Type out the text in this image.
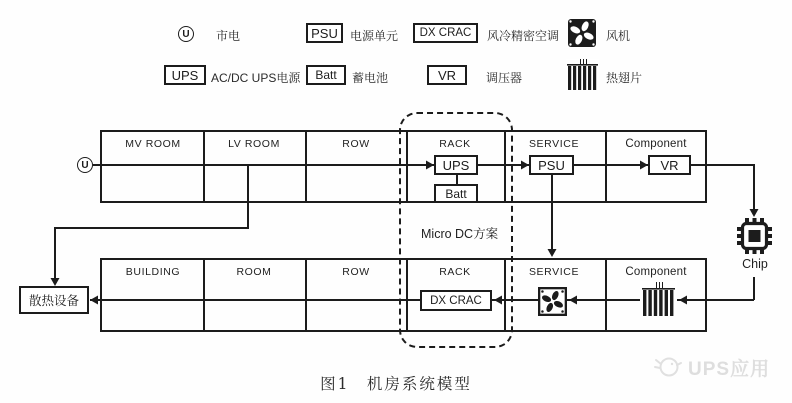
U 市电	PSU 电源单元 DX CRAC 风冷精密空调	风机
UPS AC/DC UPS电源 Batt 蓄电池	VR 调压器	热翅片
MV ROOM	LV ROOM	ROW	RACK	SERVICE	Component
U	UPS
Batt
PSU	VR
BUILDING	ROOM	ROW	RACK	SERVICE	Component
DX CRAC
Chip
散热设备
Micro DC方案
图1　机房系统模型
UPS应用
